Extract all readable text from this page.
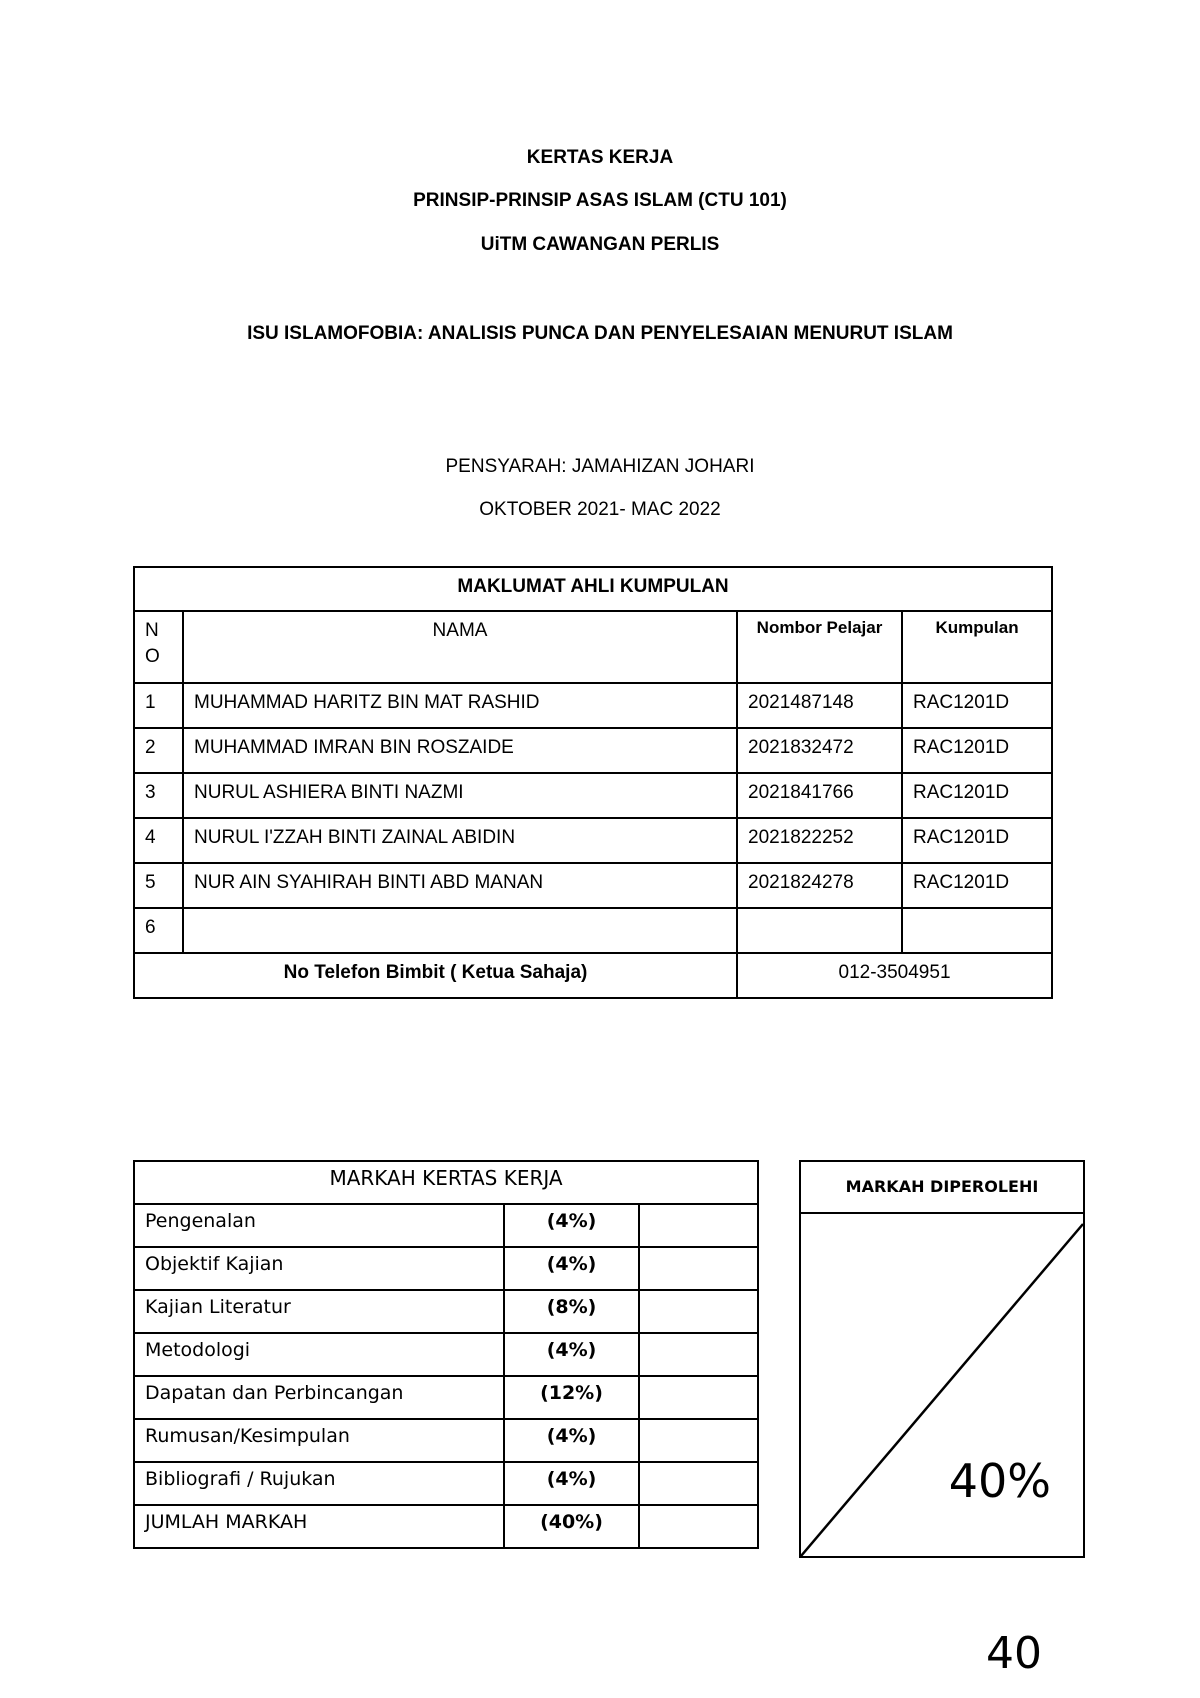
KERTAS KERJA
PRINSIP-PRINSIP ASAS ISLAM (CTU 101)
UiTM CAWANGAN PERLIS
ISU ISLAMOFOBIA: ANALISIS PUNCA DAN PENYELESAIAN MENURUT ISLAM
PENSYARAH: JAMAHIZAN JOHARI
OKTOBER 2021- MAC 2022
MAKLUMAT AHLI KUMPULAN			
N O	NAMA	Nombor Pelajar	Kumpulan
1	MUHAMMAD HARITZ BIN MAT RASHID	2021487148	RAC1201D
2	MUHAMMAD IMRAN BIN ROSZAIDE	2021832472	RAC1201D
3	NURUL ASHIERA BINTI NAZMI	2021841766	RAC1201D
4	NURUL I'ZZAH BINTI ZAINAL ABIDIN	2021822252	RAC1201D
5	NUR AIN SYAHIRAH BINTI ABD MANAN	2021824278	RAC1201D
6			
No Telefon Bimbit ( Ketua Sahaja)		012-3504951	
MARKAH KERTAS KERJA		
Pengenalan	(4%)	
Objektif Kajian	(4%)	
Kajian Literatur	(8%)	
Metodologi	(4%)	
Dapatan dan Perbincangan	(12%)	
Rumusan/Kesimpulan	(4%)	
Bibliografi / Rujukan	(4%)	
JUMLAH MARKAH	(40%)	
MARKAH DIPEROLEHI
40%
40
